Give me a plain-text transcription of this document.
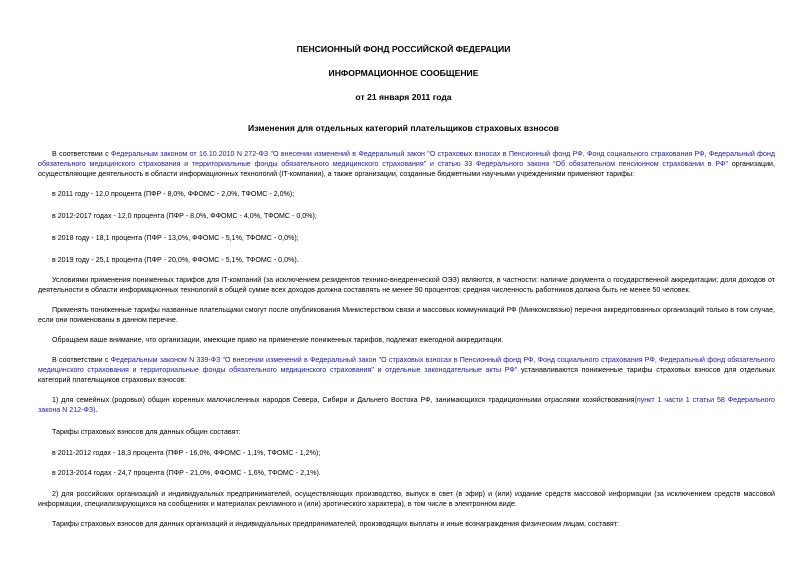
ПЕНСИОННЫЙ ФОНД РОССИЙСКОЙ ФЕДЕРАЦИИ
ИНФОРМАЦИОННОЕ СООБЩЕНИЕ
от 21 января 2011 года
Изменения для отдельных категорий плательщиков страховых взносов
В соответствии с Федеральным законом от 16.10.2010 N 272-ФЗ "О внесении изменений в Федеральный закон "О страховых взносах в Пенсионный фонд РФ, Фонд социального страхования РФ, Федеральный фонд обязательного медицинского страхования и территориальные фонды обязательного медицинского страхования" и статью 33 Федерального закона "Об обязательном пенсионном страховании в РФ" организации, осуществляющие деятельность в области информационных технологий (IT-компании), а также организации, созданные бюджетными научными учреждениями применяют тарифы:
в 2011 году - 12,0 процента (ПФР - 8,0%, ФФОМС - 2,0%, ТФОМС - 2,0%);
в 2012-2017 годах - 12,0 процента (ПФР - 8,0%, ФФОМС - 4,0%, ТФОМС - 0,0%);
в 2018 году - 18,1 процента (ПФР - 13,0%, ФФОМС - 5,1%, ТФОМС - 0,0%);
в 2019 году - 25,1 процента (ПФР - 20,0%, ФФОМС - 5,1%, ТФОМС - 0,0%).
Условиями применения пониженных тарифов для IT-компаний (за исключением резидентов технико-внедренческой ОЭЗ) являются, в частности: наличие документа о государственной аккредитации; доля доходов от деятельности в области информационных технологий в общей сумме всех доходов должна составлять не менее 90 процентов; средняя численность работников должна быть не менее 50 человек.
Применять пониженные тарифы названные плательщики смогут после опубликования Министерством связи и массовых коммуникаций РФ (Минкомсвязью) перечня аккредитованных организаций только в том случае, если они поименованы в данном перечне.
Обращаем ваше внимание, что организации, имеющие право на применение пониженных тарифов, подлежат ежегодной аккредитации.
В соответствии с Федеральным законом N 339-ФЗ "О внесении изменений в Федеральный закон "О страховых взносах в Пенсионный фонд РФ, Фонд социального страхования РФ, Федеральный фонд обязательного медицинского страхования и территориальные фонды обязательного медицинского страхования" и отдельные законодательные акты РФ" устанавливаются пониженные тарифы страховых взносов для отдельных категорий плательщиков страховых взносов:
1) для семейных (родовых) общин коренных малочисленных народов Севера, Сибири и Дальнего Востока РФ, занимающихся традиционными отраслями хозяйствования(пункт 1 части 1 статьи 58 Федерального закона N 212-ФЗ).
Тарифы страховых взносов для данных общин составят:
в 2011-2012 годах - 18,3 процента (ПФР - 16,0%, ФФОМС - 1,1%, ТФОМС - 1,2%);
в 2013-2014 годах - 24,7 процента (ПФР - 21,0%, ФФОМС - 1,6%, ТФОМС - 2,1%).
2) для российских организаций и индивидуальных предпринимателей, осуществляющих производство, выпуск в свет (в эфир) и (или) издание средств массовой информации (за исключением средств массовой информации, специализирующихся на сообщениях и материалах рекламного и (или) эротического характера), в том числе в электронном виде.
Тарифы страховых взносов для данных организаций и индивидуальных предпринимателей, производящих выплаты и иные вознаграждения физическим лицам, составят:
